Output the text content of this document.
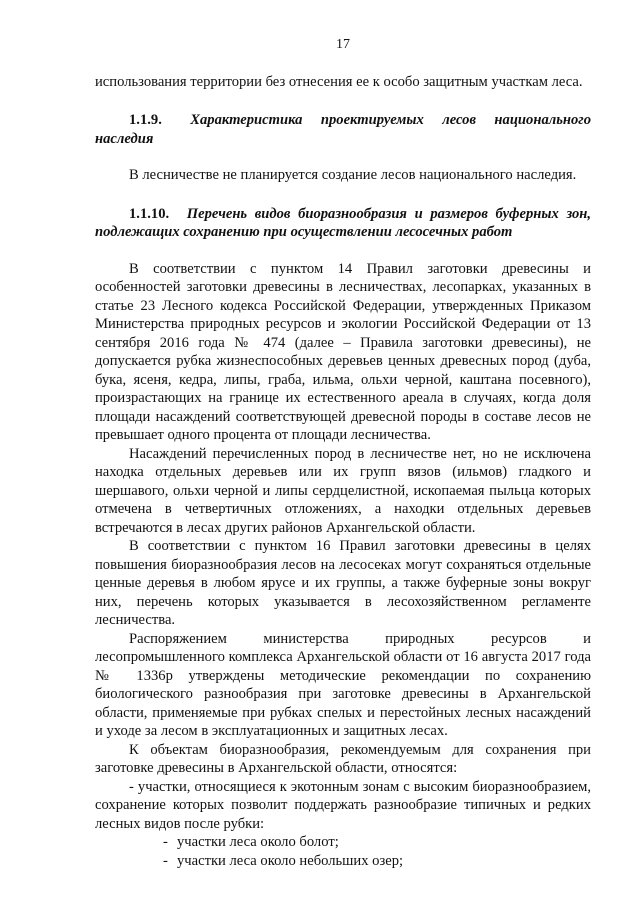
17

использования территории без отнесения ее к особо защитным участкам леса.

1.1.9. Характеристика проектируемых лесов национального наследия

В лесничестве не планируется создание лесов национального наследия.

1.1.10. Перечень видов биоразнообразия и размеров буферных зон, подлежащих сохранению при осуществлении лесосечных работ

В соответствии с пунктом 14 Правил заготовки древесины и особенностей заготовки древесины в лесничествах, лесопарках, указанных в статье 23 Лесного кодекса Российской Федерации, утвержденных Приказом Министерства природных ресурсов и экологии Российской Федерации от 13 сентября 2016 года № 474 (далее – Правила заготовки древесины), не допускается рубка жизнеспособных деревьев ценных древесных пород (дуба, бука, ясеня, кедра, липы, граба, ильма, ольхи черной, каштана посевного), произрастающих на границе их естественного ареала в случаях, когда доля площади насаждений соответствующей древесной породы в составе лесов не превышает одного процента от площади лесничества.

Насаждений перечисленных пород в лесничестве нет, но не исключена находка отдельных деревьев или их групп вязов (ильмов) гладкого и шершавого, ольхи черной и липы сердцелистной, ископаемая пыльца которых отмечена в четвертичных отложениях, а находки отдельных деревьев встречаются в лесах других районов Архангельской области.

В соответствии с пунктом 16 Правил заготовки древесины в целях повышения биоразнообразия лесов на лесосеках могут сохраняться отдельные ценные деревья в любом ярусе и их группы, а также буферные зоны вокруг них, перечень которых указывается в лесохозяйственном регламенте лесничества.

Распоряжением министерства природных ресурсов и лесопромышленного комплекса Архангельской области от 16 августа 2017 года № 1336р утверждены методические рекомендации по сохранению биологического разнообразия при заготовке древесины в Архангельской области, применяемые при рубках спелых и перестойных лесных насаждений и уходе за лесом в эксплуатационных и защитных лесах.

К объектам биоразнообразия, рекомендуемым для сохранения при заготовке древесины в Архангельской области, относятся:

- участки, относящиеся к экотонным зонам с высоким биоразнообразием, сохранение которых позволит поддержать разнообразие типичных и редких лесных видов после рубки:

- участки леса около болот;

- участки леса около небольших озер;
